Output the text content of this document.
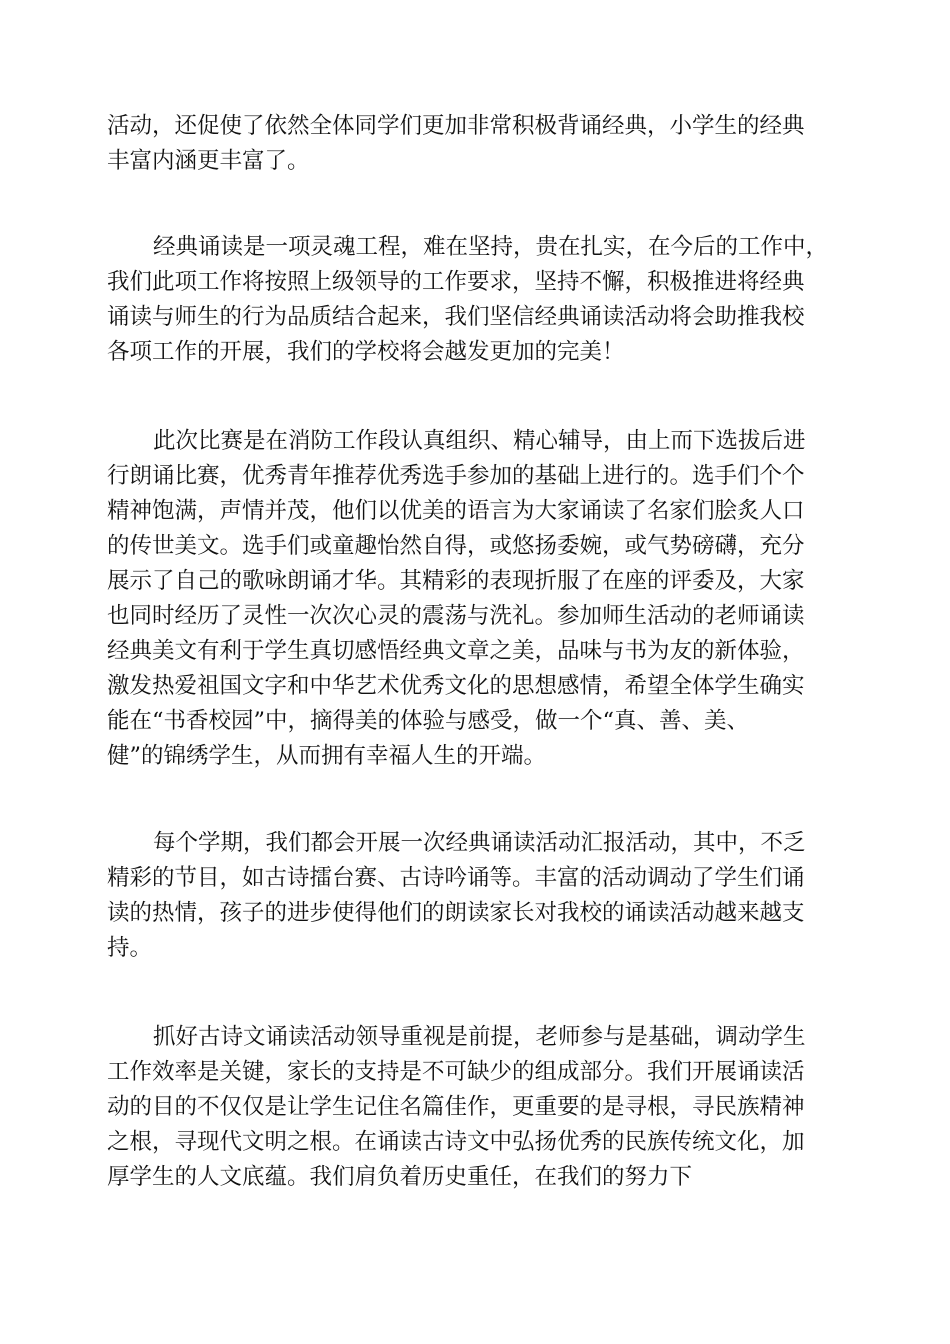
活动，还促使了依然全体同学们更加非常积极背诵经典，小学生的经典
丰富内涵更丰富了。
经典诵读是一项灵魂工程，难在坚持，贵在扎实，在今后的工作中，
我们此项工作将按照上级领导的工作要求，坚持不懈，积极推进将经典
诵读与师生的行为品质结合起来，我们坚信经典诵读活动将会助推我校
各项工作的开展，我们的学校将会越发更加的完美！
此次比赛是在消防工作段认真组织、精心辅导，由上而下选拔后进
行朗诵比赛，优秀青年推荐优秀选手参加的基础上进行的。选手们个个
精神饱满，声情并茂，他们以优美的语言为大家诵读了名家们脍炙人口
的传世美文。选手们或童趣怡然自得，或悠扬委婉，或气势磅礴，充分
展示了自己的歌咏朗诵才华。其精彩的表现折服了在座的评委及，大家
也同时经历了灵性一次次心灵的震荡与洗礼。参加师生活动的老师诵读
经典美文有利于学生真切感悟经典文章之美，品味与书为友的新体验，
激发热爱祖国文字和中华艺术优秀文化的思想感情，希望全体学生确实
能在“书香校园”中，摘得美的体验与感受，做一个“真、善、美、
健”的锦绣学生，从而拥有幸福人生的开端。
每个学期，我们都会开展一次经典诵读活动汇报活动，其中，不乏
精彩的节目，如古诗擂台赛、古诗吟诵等。丰富的活动调动了学生们诵
读的热情，孩子的进步使得他们的朗读家长对我校的诵读活动越来越支
持。
抓好古诗文诵读活动领导重视是前提，老师参与是基础，调动学生
工作效率是关键，家长的支持是不可缺少的组成部分。我们开展诵读活
动的目的不仅仅是让学生记住名篇佳作，更重要的是寻根，寻民族精神
之根，寻现代文明之根。在诵读古诗文中弘扬优秀的民族传统文化，加
厚学生的人文底蕴。我们肩负着历史重任，在我们的努力下
